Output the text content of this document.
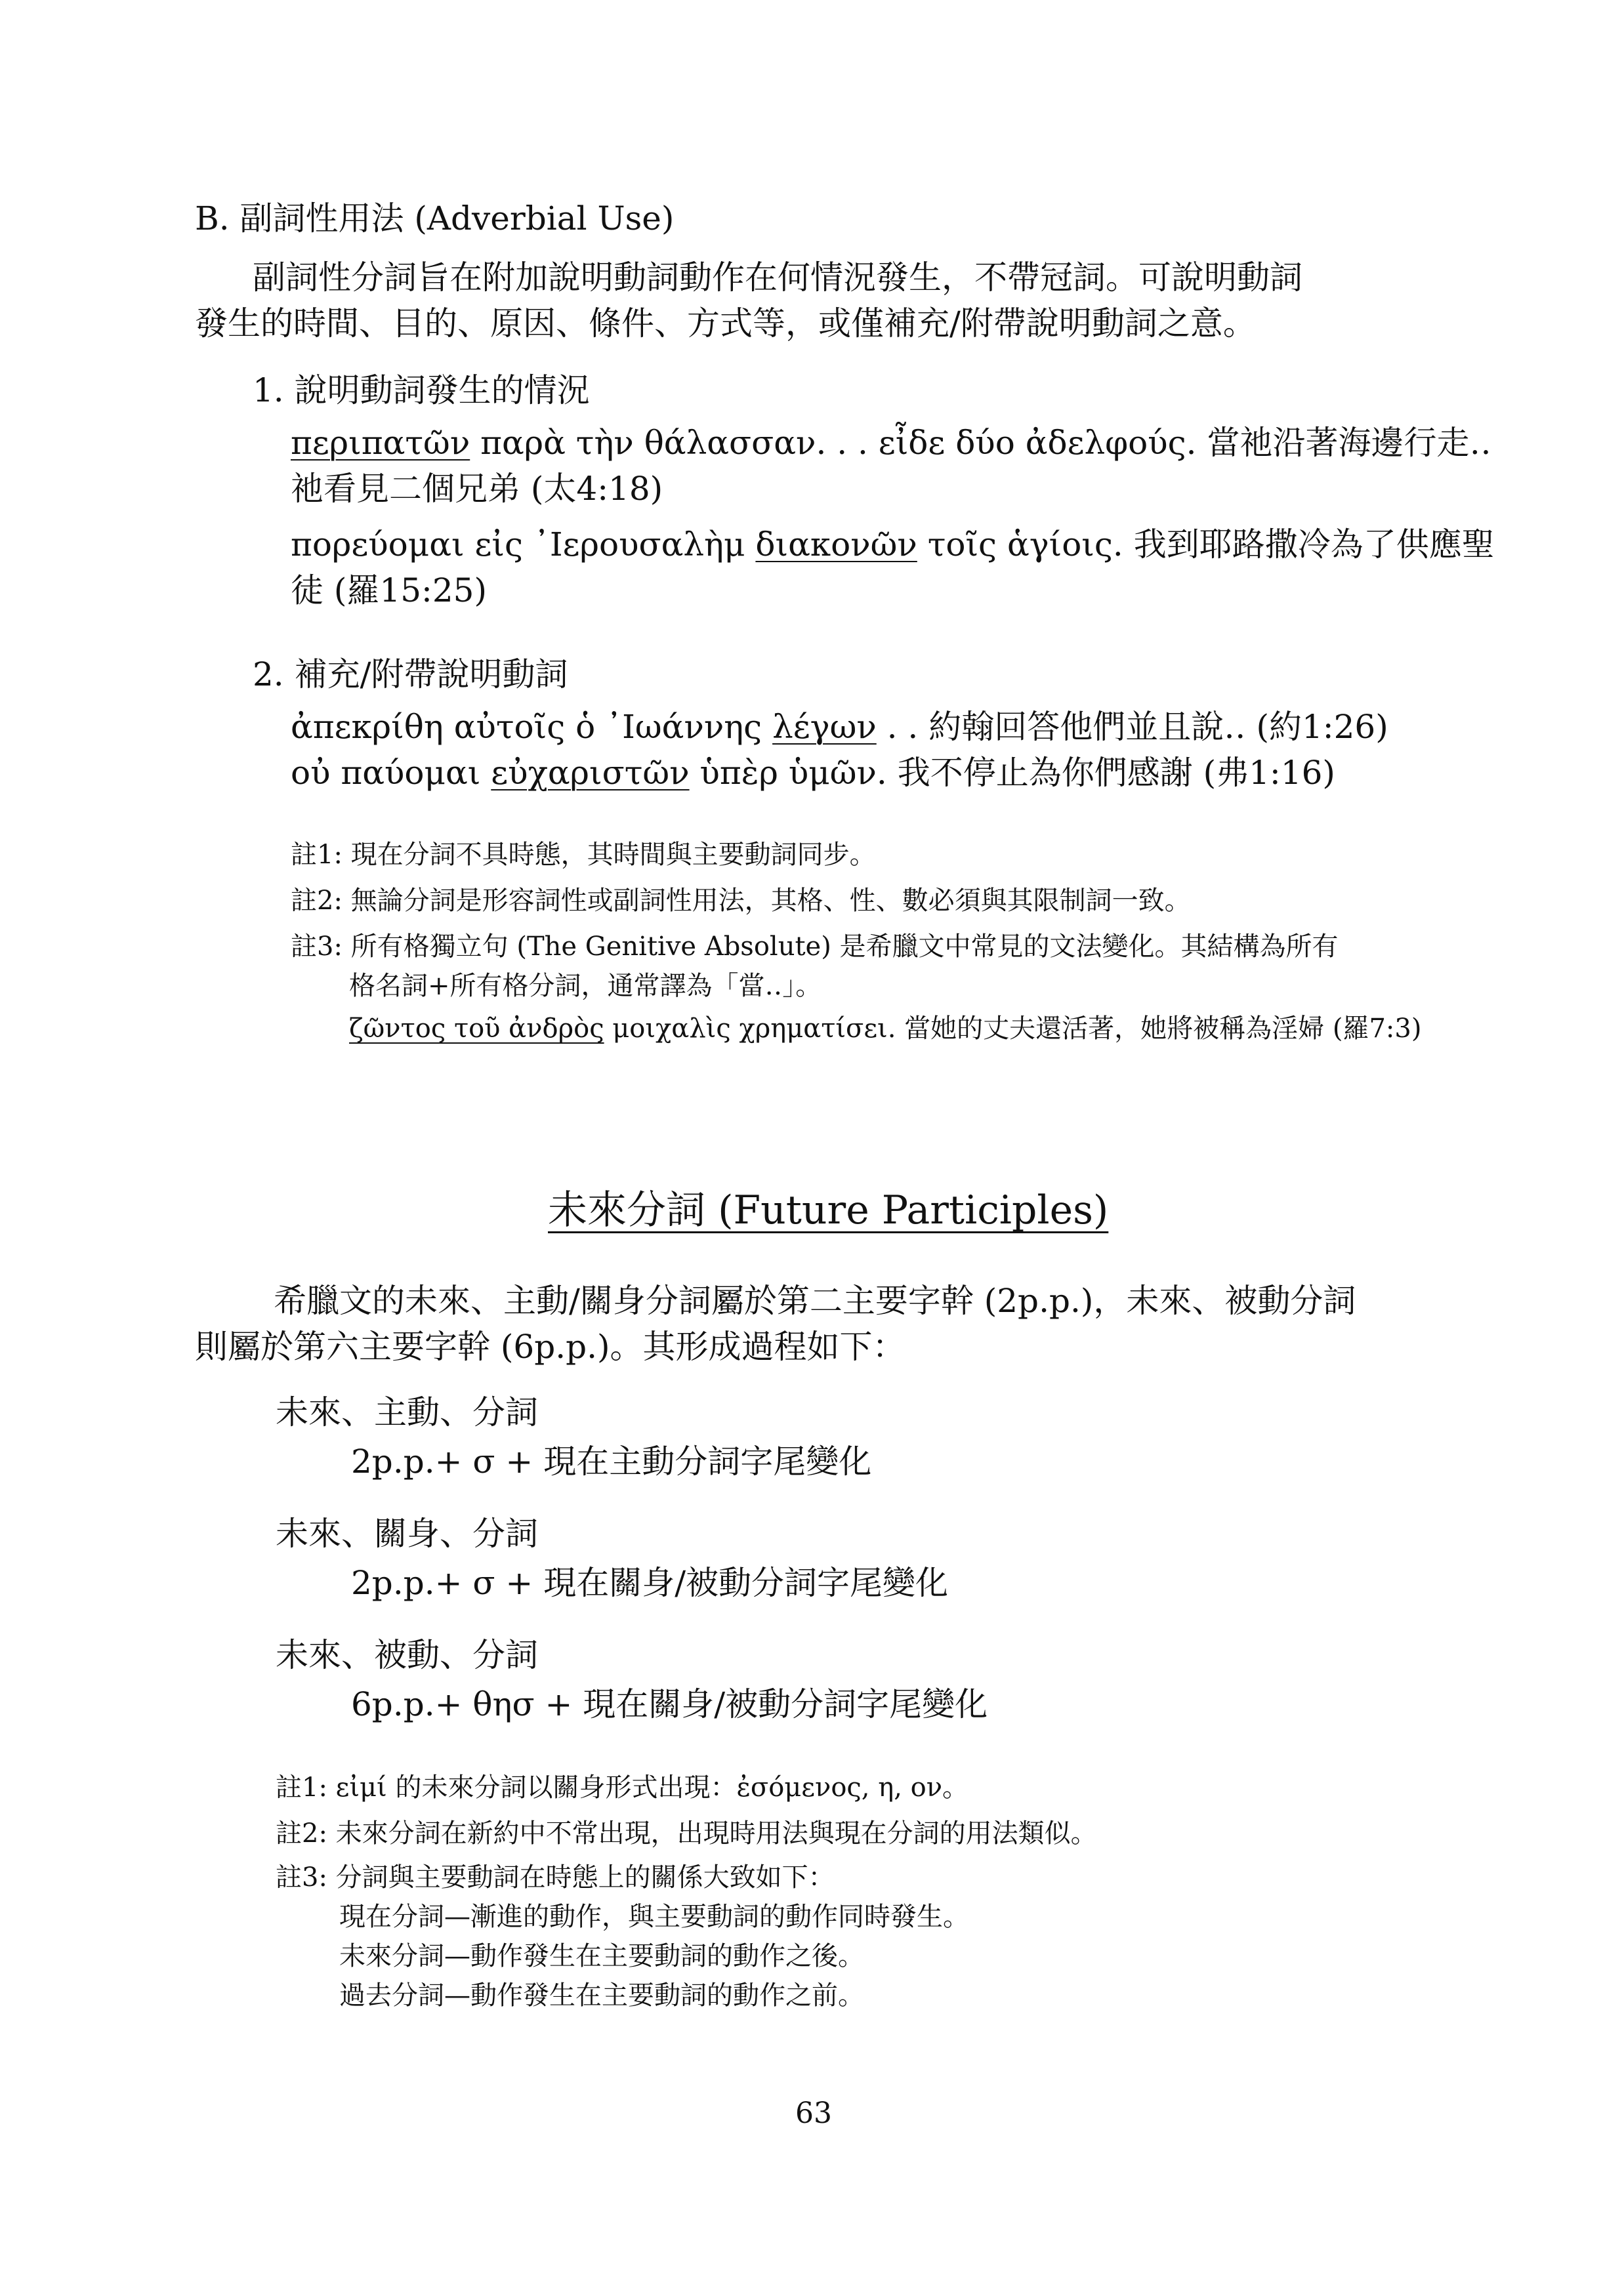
B. 副詞性用法 (Adverbial Use)
副詞性分詞旨在附加說明動詞動作在何情況發生，不帶冠詞。可說明動詞
發生的時間、目的、原因、條件、方式等，或僅補充/附帶說明動詞之意。
1. 說明動詞發生的情況
περιπατῶν παρὰ τὴν θάλασσαν. . . εἶδε δύο ἀδελφούς. 當祂沿著海邊行走‥
祂看見二個兄弟 (太4:18)
πορεύομαι εἰς ᾿Ιερουσαλὴμ διακονῶν τοῖς ἁγίοις. 我到耶路撒冷為了供應聖
徒 (羅15:25)
2. 補充/附帶說明動詞
ἀπεκρίθη αὐτοῖς ὁ ᾿Ιωάννης λέγων . . 約翰回答他們並且說‥ (約1:26)
οὐ παύομαι εὐχαριστῶν ὑπὲρ ὑμῶν. 我不停止為你們感謝 (弗1:16)
註1: 現在分詞不具時態，其時間與主要動詞同步。
註2: 無論分詞是形容詞性或副詞性用法，其格、性、數必須與其限制詞一致。
註3: 所有格獨立句 (The Genitive Absolute) 是希臘文中常見的文法變化。其結構為所有
格名詞+所有格分詞，通常譯為「當‥」。
ζῶντος τοῦ ἀνδρὸς μοιχαλὶς χρηματίσει. 當她的丈夫還活著，她將被稱為淫婦 (羅7:3)
未來分詞 (Future Participles)
希臘文的未來、主動/關身分詞屬於第二主要字幹 (2p.p.)，未來、被動分詞
則屬於第六主要字幹 (6p.p.)。其形成過程如下：
未來、主動、分詞
2p.p.+ σ + 現在主動分詞字尾變化
未來、關身、分詞
2p.p.+ σ + 現在關身/被動分詞字尾變化
未來、被動、分詞
6p.p.+ θησ + 現在關身/被動分詞字尾變化
註1: εἰμί 的未來分詞以關身形式出現：ἐσόμενος, η, ον。
註2: 未來分詞在新約中不常出現，出現時用法與現在分詞的用法類似。
註3: 分詞與主要動詞在時態上的關係大致如下：
現在分詞—漸進的動作，與主要動詞的動作同時發生。
未來分詞—動作發生在主要動詞的動作之後。
過去分詞—動作發生在主要動詞的動作之前。
63
